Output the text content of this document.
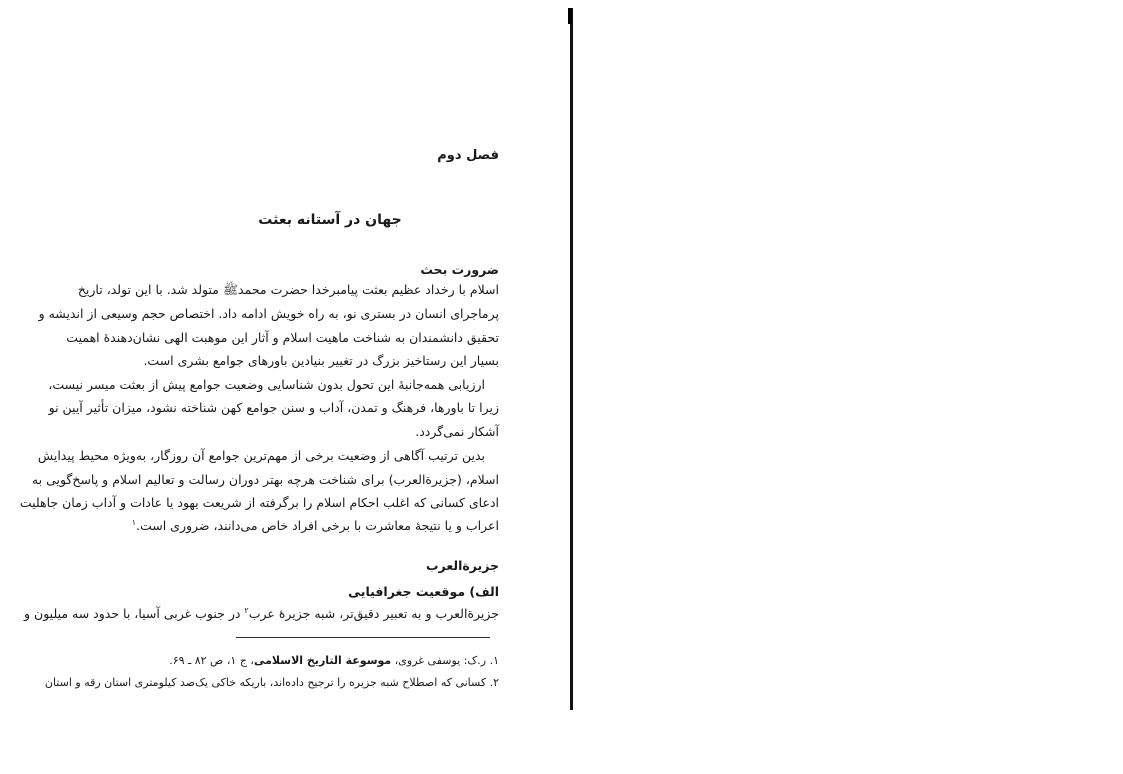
فصل دوم
جهان در آستانه بعثت
ضرورت بحث
اسلام با رخداد عظیم بعثت پیامبرخدا حضرت محمدﷺ متولد شد. با این تولد، تاریخ
پرماجرای انسان در بستری نو، به راه خویش ادامه داد. اختصاص حجم وسیعی از اندیشه و
تحقیق دانشمندان به شناخت ماهیت اسلام و آثار این موهبت الهی نشان‌دهندهٔ اهمیت
بسیار این رستاخیز بزرگ در تغییر بنیادین باورهای جوامع بشری است.
ارزیابی همه‌جانبهٔ این تحول بدون شناسایی وضعیت جوامع پیش از بعثت میسر نیست،
زیرا تا باورها، فرهنگ و تمدن، آداب و سنن جوامع کهن شناخته نشود، میزان تأثیر آیین نو
آشکار نمی‌گردد.
بدین ترتیب آگاهی از وضعیت برخی از مهم‌ترین جوامع آن روزگار، به‌ویژه محیط پیدایش
اسلام، (جزیرةالعرب) برای شناخت هرچه بهتر دوران رسالت و تعالیم اسلام و پاسخ‌گویی به
ادعای کسانی که اغلب احکام اسلام را برگرفته از شریعت یهود یا عادات و آداب زمان جاهلیت
اعراب و یا نتیجهٔ معاشرت با برخی افراد خاص می‌دانند، ضروری است.$^۱$
جزیرةالعرب
الف) موقعیت جغرافیایی
جزیرةالعرب و به تعبیر دقیق‌تر، شبه جزیرهٔ عرب$^۲$ در جنوب غربی آسیا، با حدود سه میلیون و
۱. ر.ک: یوسفی غروی، موسوعة التاریخ الاسلامی، ج ۱، ص ۸۲ ـ ۶۹.
۲. کسانی که اصطلاح شبه جزیره را ترجیح داده‌اند، باریکه خاکی یک‌صد کیلومتری استان رقه و استان
